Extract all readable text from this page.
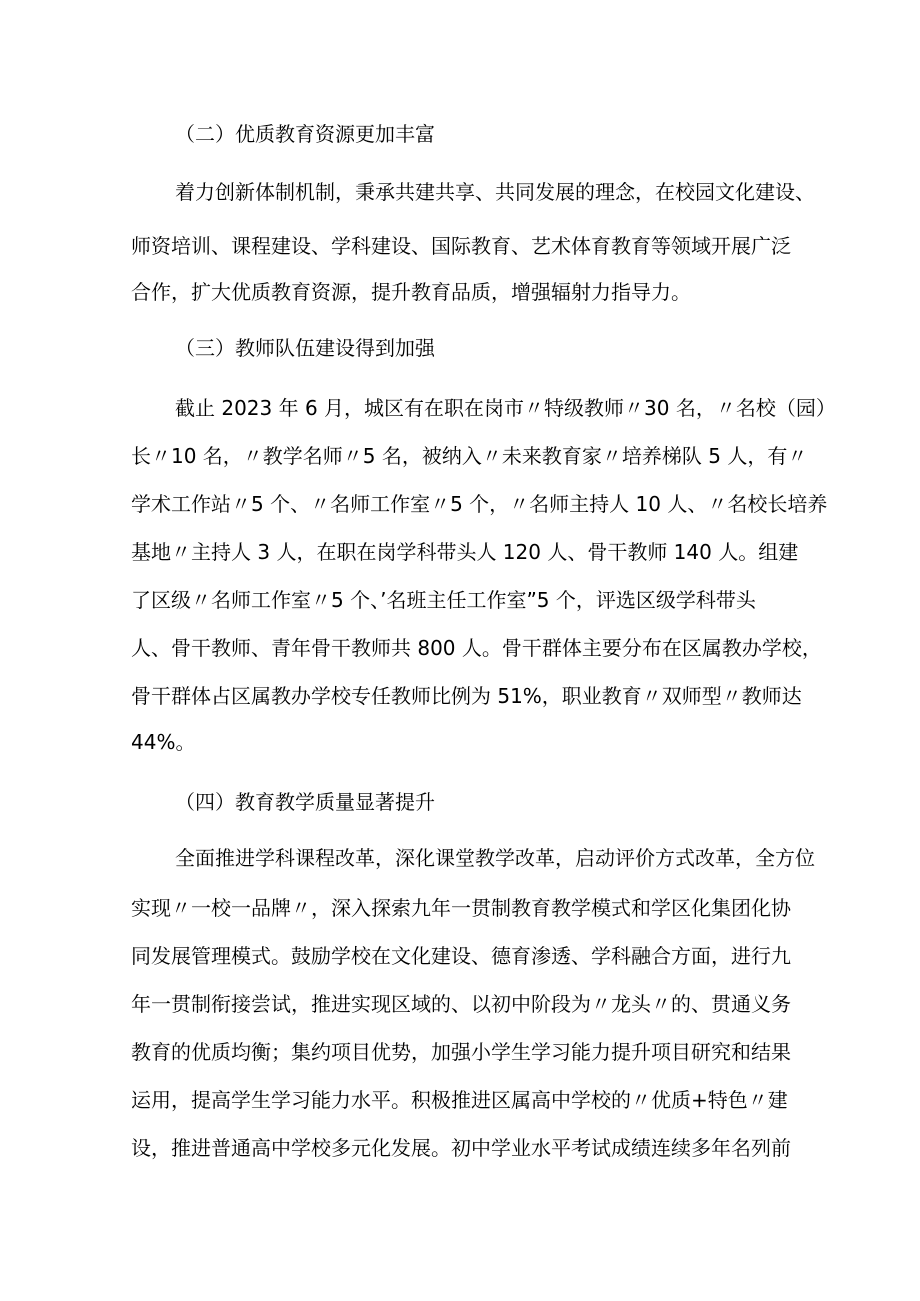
（二）优质教育资源更加丰富
着力创新体制机制，秉承共建共享、共同发展的理念，在校园文化建设、
师资培训、课程建设、学科建设、国际教育、艺术体育教育等领域开展广泛
合作，扩大优质教育资源，提升教育品质，增强辐射力指导力。
（三）教师队伍建设得到加强
截止 2023 年 6 月，城区有在职在岗市〃特级教师〃30 名，〃名校（园）
长〃10 名，〃教学名师〃5 名，被纳入〃未来教育家〃培养梯队 5 人，有〃
学术工作站〃5 个、〃名师工作室〃5 个，〃名师主持人 10 人、〃名校长培养
基地〃主持人 3 人，在职在岗学科带头人 120 人、骨干教师 140 人。组建
了区级〃名师工作室〃5 个、’名班主任工作室”5 个，评选区级学科带头
人、骨干教师、青年骨干教师共 800 人。骨干群体主要分布在区属教办学校，
骨干群体占区属教办学校专任教师比例为 51%，职业教育〃双师型〃教师达
44%。
（四）教育教学质量显著提升
全面推进学科课程改革，深化课堂教学改革，启动评价方式改革，全方位
实现〃一校一品牌〃，深入探索九年一贯制教育教学模式和学区化集团化协
同发展管理模式。鼓励学校在文化建设、德育渗透、学科融合方面，进行九
年一贯制衔接尝试，推进实现区域的、以初中阶段为〃龙头〃的、贯通义务
教育的优质均衡；集约项目优势，加强小学生学习能力提升项目研究和结果
运用，提高学生学习能力水平。积极推进区属高中学校的〃优质+特色〃建
设，推进普通高中学校多元化发展。初中学业水平考试成绩连续多年名列前
